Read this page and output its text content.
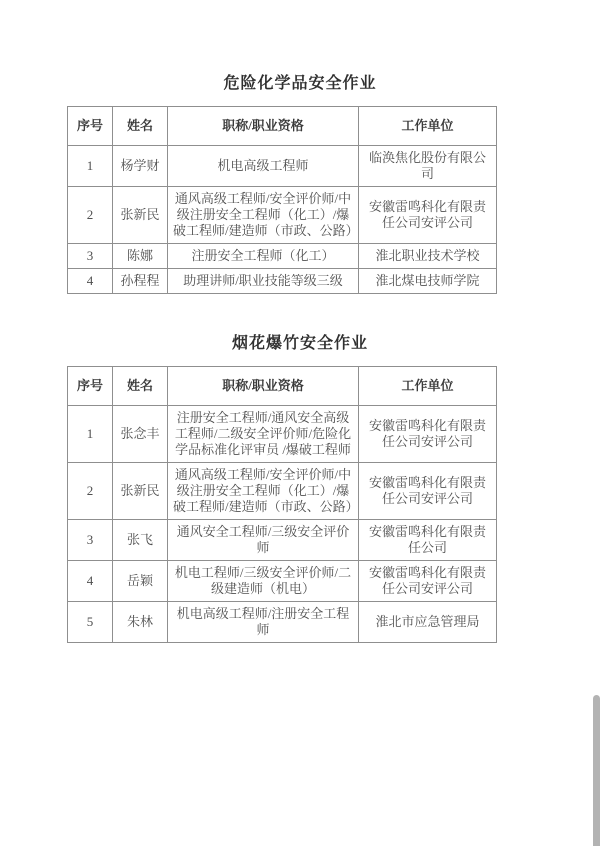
危险化学品安全作业
序号	姓名	职称/职业资格	工作单位
1	杨学财	机电高级工程师	临涣焦化股份有限公司
2	张新民	通风高级工程师/安全评价师/中级注册安全工程师（化工）/爆破工程师/建造师（市政、公路）	安徽雷鸣科化有限责任公司安评公司
3	陈娜	注册安全工程师（化工）	淮北职业技术学校
4	孙程程	助理讲师/职业技能等级三级	淮北煤电技师学院
烟花爆竹安全作业
序号	姓名	职称/职业资格	工作单位
1	张念丰	注册安全工程师/通风安全高级工程师/二级安全评价师/危险化学品标准化评审员 /爆破工程师	安徽雷鸣科化有限责任公司安评公司
2	张新民	通风高级工程师/安全评价师/中级注册安全工程师（化工）/爆破工程师/建造师（市政、公路）	安徽雷鸣科化有限责任公司安评公司
3	张飞	通风安全工程师/三级安全评价师	安徽雷鸣科化有限责任公司
4	岳颖	机电工程师/三级安全评价师/二级建造师（机电）	安徽雷鸣科化有限责任公司安评公司
5	朱林	机电高级工程师/注册安全工程师	淮北市应急管理局
